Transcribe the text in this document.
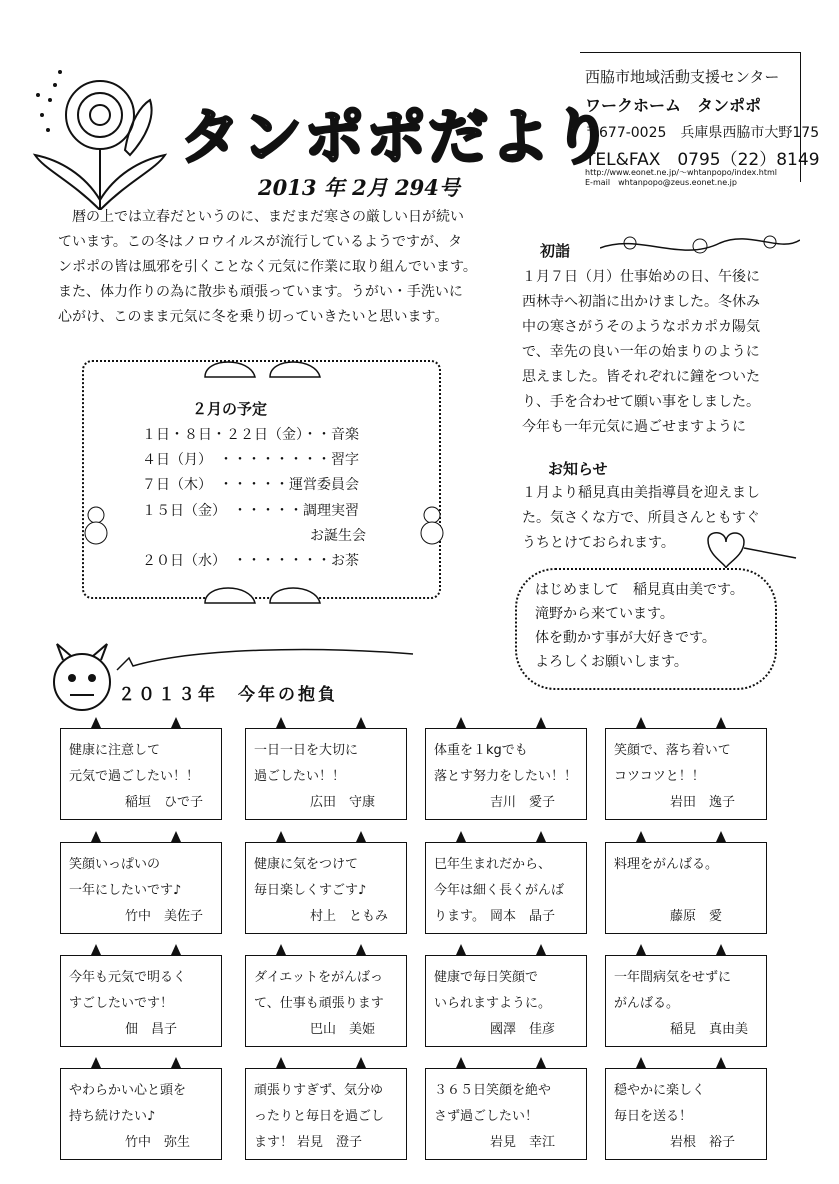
タンポポだより
2013 年 2月 294号
西脇市地域活動支援センター
ワークホーム　タンポポ
〒677-0025　兵庫県西脇市大野175
TEL&FAX　0795（22）8149
http://www.eonet.ne.jp/～whtanpopo/index.html
E-mail　whtanpopo@zeus.eonet.ne.jp

　暦の上では立春だというのに、まだまだ寒さの厳しい日が続い

ています。この冬はノロウイルスが流行しているようですが、タ

ンポポの皆は風邪を引くことなく元気に作業に取り組んでいます。

また、体力作りの為に散歩も頑張っています。うがい・手洗いに

心がけ、このまま元気に冬を乗り切っていきたいと思います。

２月の予定
１日・８日・２２日（金）・・音楽
４日（月）　・・・・・・・・習字
７日（木）　・・・・・運営委員会
１５日（金）　・・・・・調理実習
　　　　　　　　　　　　お誕生会
２０日（水）　・・・・・・・お茶
初詣

１月７日（月）仕事始めの日、午後に

西林寺へ初詣に出かけました。冬休み

中の寒さがうそのようなポカポカ陽気

で、幸先の良い一年の始まりのように

思えました。皆それぞれに鐘をついた

り、手を合わせて願い事をしました。

今年も一年元気に過ごせますように

お知らせ

１月より稲見真由美指導員を迎えまし

た。気さくな方で、所員さんともすぐ

うちとけておられます。

はじめまして　稲見真由美です。

滝野から来ています。

体を動かす事が大好きです。

よろしくお願いします。

２０１３年　今年の抱負
健康に注意して
元気で過ごしたい！！
稲垣　ひで子
一日一日を大切に
過ごしたい！！
広田　守康
体重を１kgでも
落とす努力をしたい！！
吉川　愛子
笑顔で、落ち着いて
コツコツと！！
岩田　逸子
笑顔いっぱいの
一年にしたいです♪
竹中　美佐子
健康に気をつけて
毎日楽しくすごす♪
村上　ともみ
巳年生まれだから、
今年は細く長くがんば
ります。 岡本　晶子
料理をがんばる。
藤原　愛
今年も元気で明るく
すごしたいです！
佃　昌子
ダイエットをがんばっ
て、仕事も頑張ります
巴山　美姫
健康で毎日笑顔で
いられますように。
國澤　佳彦
一年間病気をせずに
がんばる。
稲見　真由美
やわらかい心と頭を
持ち続けたい♪
竹中　弥生
頑張りすぎず、気分ゆ
ったりと毎日を過ごし
ます！ 岩見　澄子
３６５日笑顔を絶や
さず過ごしたい！
岩見　幸江
穏やかに楽しく
毎日を送る！
岩根　裕子
